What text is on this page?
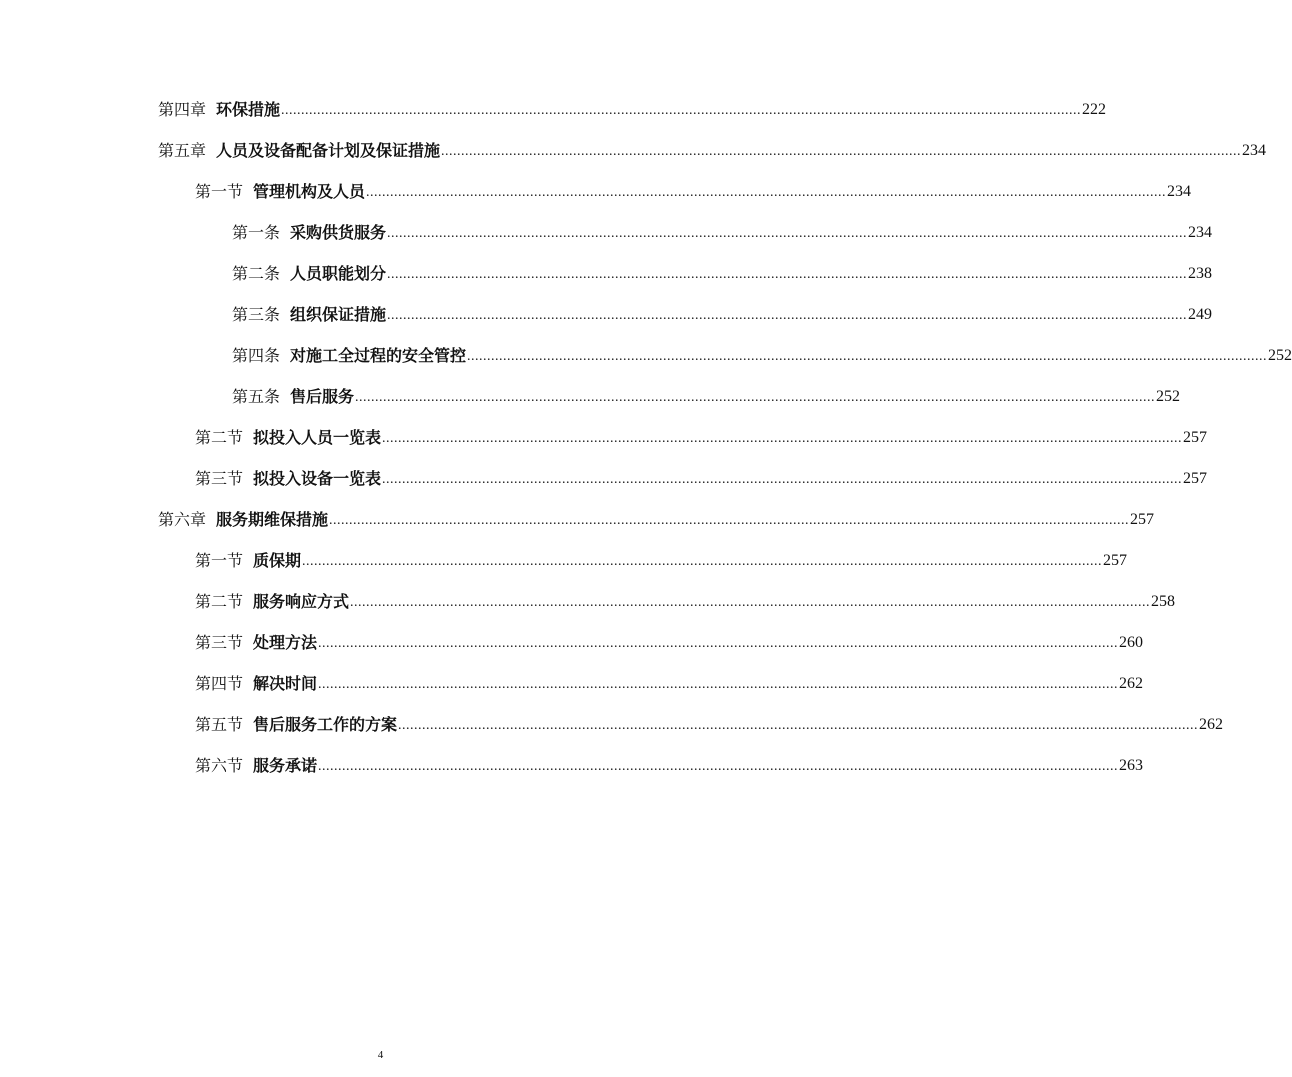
第四章 环保措施 ........................................................................................................................................................................................................ 222
第五章 人员及设备配备计划及保证措施 ........................................................................................................................................................................................................ 234
第一节 管理机构及人员 ........................................................................................................................................................................................................ 234
第一条 采购供货服务 ........................................................................................................................................................................................................ 234
第二条 人员职能划分 ........................................................................................................................................................................................................ 238
第三条 组织保证措施 ........................................................................................................................................................................................................ 249
第四条 对施工全过程的安全管控 ........................................................................................................................................................................................................ 252
第五条 售后服务 ........................................................................................................................................................................................................ 252
第二节 拟投入人员一览表 ........................................................................................................................................................................................................ 257
第三节 拟投入设备一览表 ........................................................................................................................................................................................................ 257
第六章 服务期维保措施 ........................................................................................................................................................................................................ 257
第一节 质保期 ........................................................................................................................................................................................................ 257
第二节 服务响应方式 ........................................................................................................................................................................................................ 258
第三节 处理方法 ........................................................................................................................................................................................................ 260
第四节 解决时间 ........................................................................................................................................................................................................ 262
第五节 售后服务工作的方案 ........................................................................................................................................................................................................ 262
第六节 服务承诺 ........................................................................................................................................................................................................ 263
4
